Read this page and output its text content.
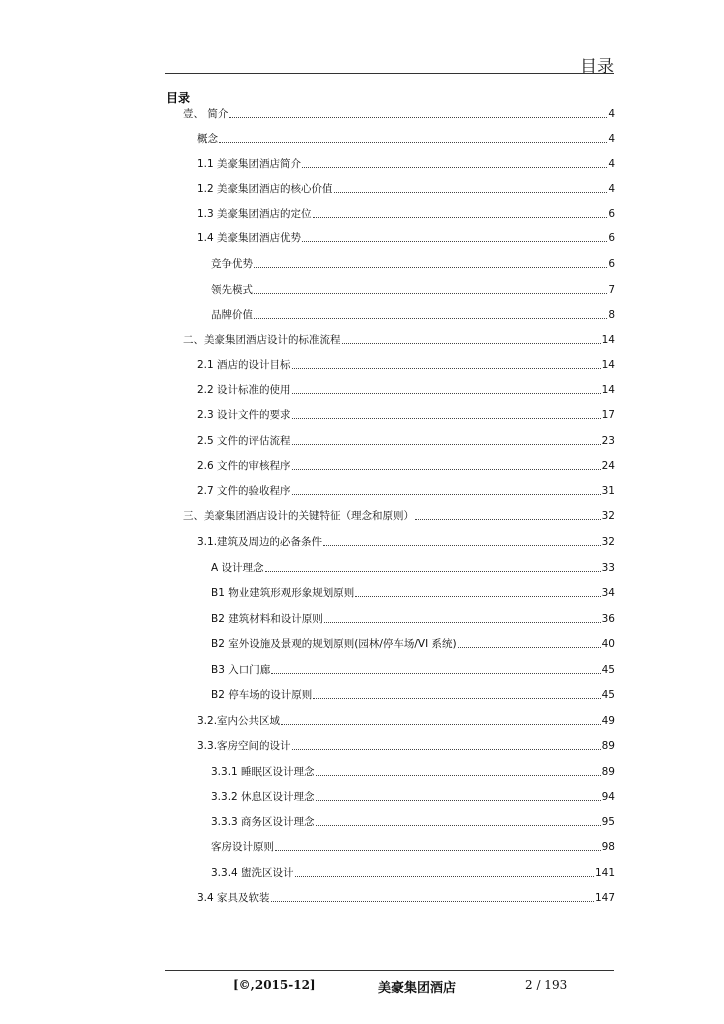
目录
目录
壹、 简介	4
概念	4
1.1 美豪集团酒店简介	4
1.2 美豪集团酒店的核心价值	4
1.3 美豪集团酒店的定位	6
1.4 美豪集团酒店优势	6
竞争优势	6
领先模式	7
品牌价值	8
二、美豪集团酒店设计的标准流程	14
2.1 酒店的设计目标	14
2.2 设计标准的使用	14
2.3 设计文件的要求	17
2.5 文件的评估流程	23
2.6 文件的审核程序	24
2.7 文件的验收程序	31
三、美豪集团酒店设计的关键特征（理念和原则）	32
3.1.建筑及周边的必备条件	32
A 设计理念	33
B1 物业建筑形观形象规划原则	34
B2 建筑材料和设计原则	36
B2 室外设施及景观的规划原则(园林/停车场/VI 系统)	40
B3 入口门廊	45
B2 停车场的设计原则	45
3.2.室内公共区域	49
3.3.客房空间的设计	89
3.3.1 睡眠区设计理念	89
3.3.2 休息区设计理念	94
3.3.3 商务区设计理念	95
客房设计原则	98
3.3.4 盥洗区设计	141
3.4 家具及软装	147
[©,2015-12]	美豪集团酒店	2 / 193
